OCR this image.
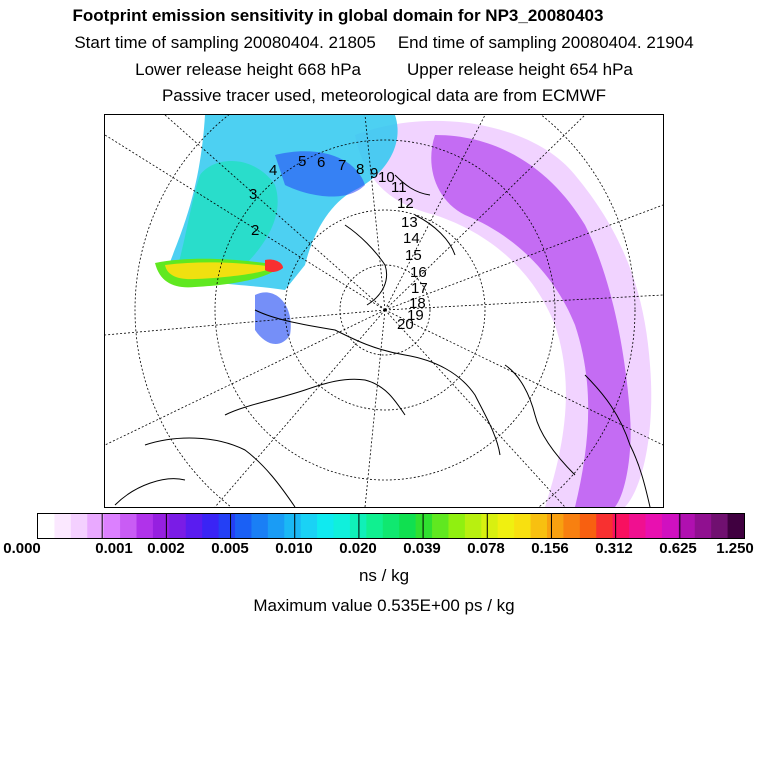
Footprint emission sensitivity in global domain for NP3_20080403
Start time of sampling 20080404. 21805 End time of sampling 20080404. 21904
Lower release height 668 hPa	Upper release height 654 hPa
Passive tracer used, meteorological data are from ECMWF
2
3
4
5 6 7 8 9 10
11
12
13
14
15
16
17
18
19
20
0.000	0.001 0.002 0.005 0.010 0.020 0.039 0.078 0.156 0.312 0.625 1.250
ns / kg
Maximum value 0.535E+00 ps / kg
